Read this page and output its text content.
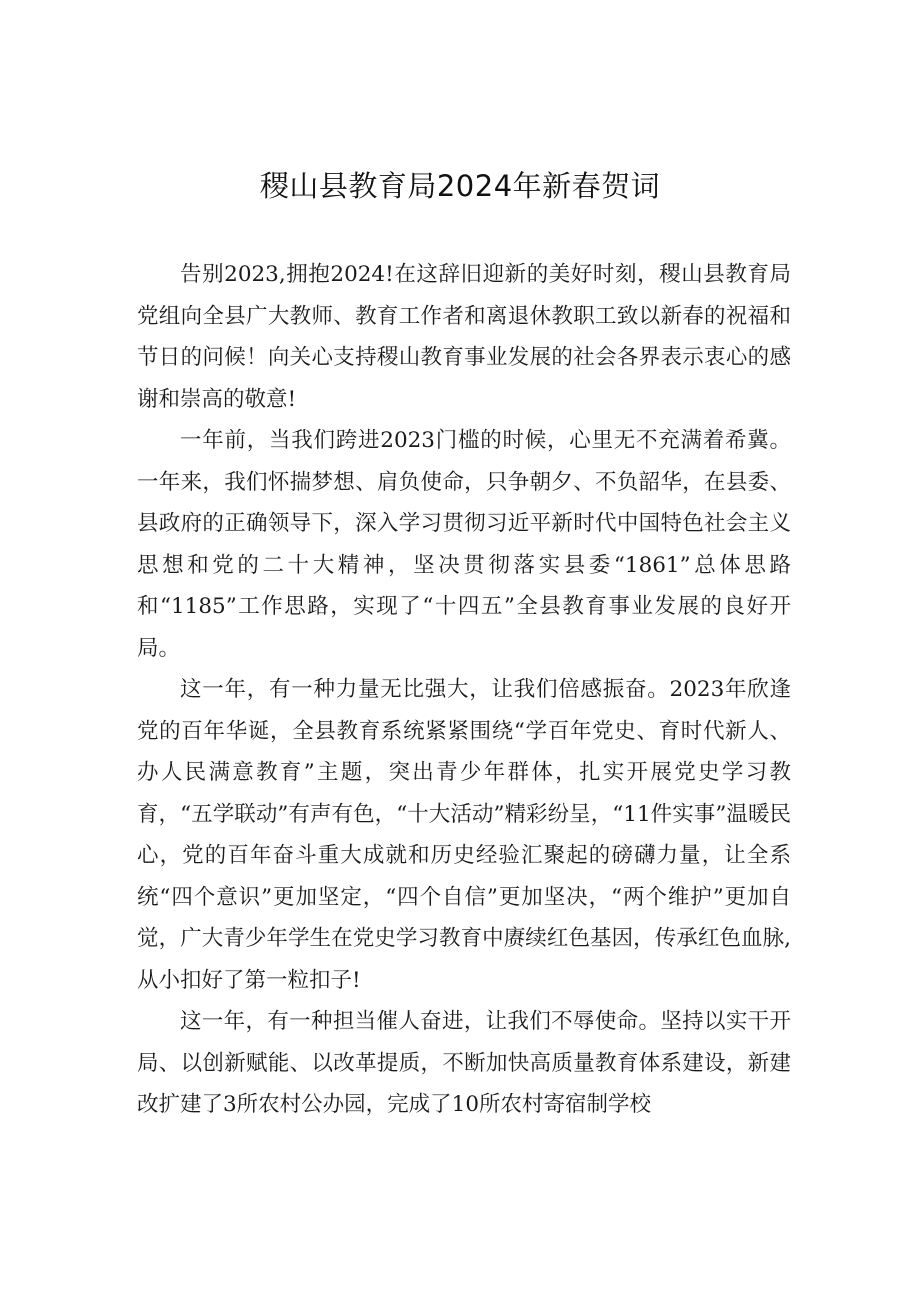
稷山县教育局2024年新春贺词

告别2023,拥抱2024!在这辞旧迎新的美好时刻，稷山县教育局党组向全县广大教师、教育工作者和离退休教职工致以新春的祝福和节日的问候！向关心支持稷山教育事业发展的社会各界表示衷心的感谢和崇高的敬意!

一年前，当我们跨进2023门槛的时候，心里无不充满着希冀。一年来，我们怀揣梦想、肩负使命，只争朝夕、不负韶华，在县委、县政府的正确领导下，深入学习贯彻习近平新时代中国特色社会主义思想和党的二十大精神，坚决贯彻落实县委“1861”总体思路和“1185”工作思路，实现了“十四五”全县教育事业发展的良好开局。

这一年，有一种力量无比强大，让我们倍感振奋。2023年欣逢党的百年华诞，全县教育系统紧紧围绕“学百年党史、育时代新人、办人民满意教育”主题，突出青少年群体，扎实开展党史学习教育，“五学联动”有声有色，“十大活动”精彩纷呈，“11件实事”温暖民心，党的百年奋斗重大成就和历史经验汇聚起的磅礴力量，让全系统“四个意识”更加坚定，“四个自信”更加坚决，“两个维护”更加自觉，广大青少年学生在党史学习教育中赓续红色基因，传承红色血脉,从小扣好了第一粒扣子!

这一年，有一种担当催人奋进，让我们不辱使命。坚持以实干开局、以创新赋能、以改革提质，不断加快高质量教育体系建设，新建改扩建了3所农村公办园，完成了10所农村寄宿制学校
